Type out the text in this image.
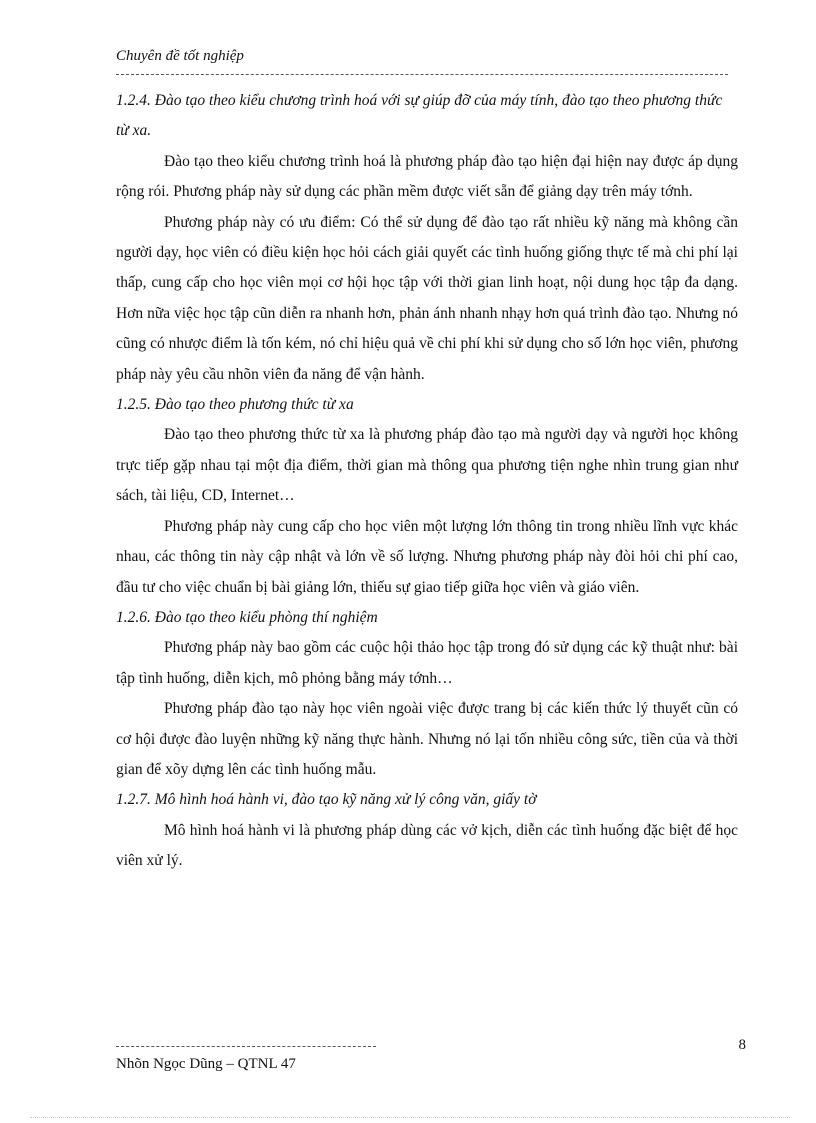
Chuyên đề tốt nghiệp
1.2.4. Đào tạo theo kiểu chương trình hoá với sự giúp đỡ của máy tính, đào tạo theo phương thức từ xa.

Đào tạo theo kiểu chương trình hoá là phương pháp đào tạo hiện đại hiện nay được áp dụng rộng rói. Phương pháp này sử dụng các phần mềm được viết sẵn để giảng dạy trên máy tớnh.

Phương pháp này có ưu điểm: Có thể sử dụng để đào tạo rất nhiều kỹ năng mà không cần người dạy, học viên có điều kiện học hỏi cách giải quyết các tình huống giống thực tế mà chi phí lại thấp, cung cấp cho học viên mọi cơ hội học tập với thời gian linh hoạt, nội dung học tập đa dạng. Hơn nữa việc học tập cũn diễn ra nhanh hơn, phản ánh nhanh nhạy hơn quá trình đào tạo. Nhưng nó cũng có nhược điểm là tốn kém, nó chỉ hiệu quả về chi phí khi sử dụng cho số lớn học viên, phương pháp này yêu cầu nhõn viên đa năng để vận hành.

1.2.5. Đào tạo theo phương thức từ xa

Đào tạo theo phương thức từ xa là phương pháp đào tạo mà người dạy và người học không trực tiếp gặp nhau tại một địa điểm, thời gian mà thông qua phương tiện nghe nhìn trung gian như sách, tài liệu, CD, Internet…

Phương pháp này cung cấp cho học viên một lượng lớn thông tin trong nhiều lĩnh vực khác nhau, các thông tin này cập nhật và lớn về số lượng. Nhưng phương pháp này đòi hỏi chi phí cao, đầu tư cho việc chuẩn bị bài giảng lớn, thiếu sự giao tiếp giữa học viên và giáo viên.

1.2.6. Đào tạo theo kiểu phòng thí nghiệm

Phương pháp này bao gồm các cuộc hội thảo học tập trong đó sử dụng các kỹ thuật như: bài tập tình huống, diễn kịch, mô phỏng bằng máy tớnh…

Phương pháp đào tạo này học viên ngoài việc được trang bị các kiến thức lý thuyết cũn có cơ hội được đào luyện những kỹ năng thực hành. Nhưng nó lại tốn nhiều công sức, tiền của và thời gian để xõy dựng lên các tình huống mẫu.

1.2.7. Mô hình hoá hành vi, đào tạo kỹ năng xử lý công văn, giấy tờ

Mô hình hoá hành vi là phương pháp dùng các vở kịch, diễn các tình huống đặc biệt để học viên xử lý.

8
Nhõn Ngọc Dũng – QTNL 47
